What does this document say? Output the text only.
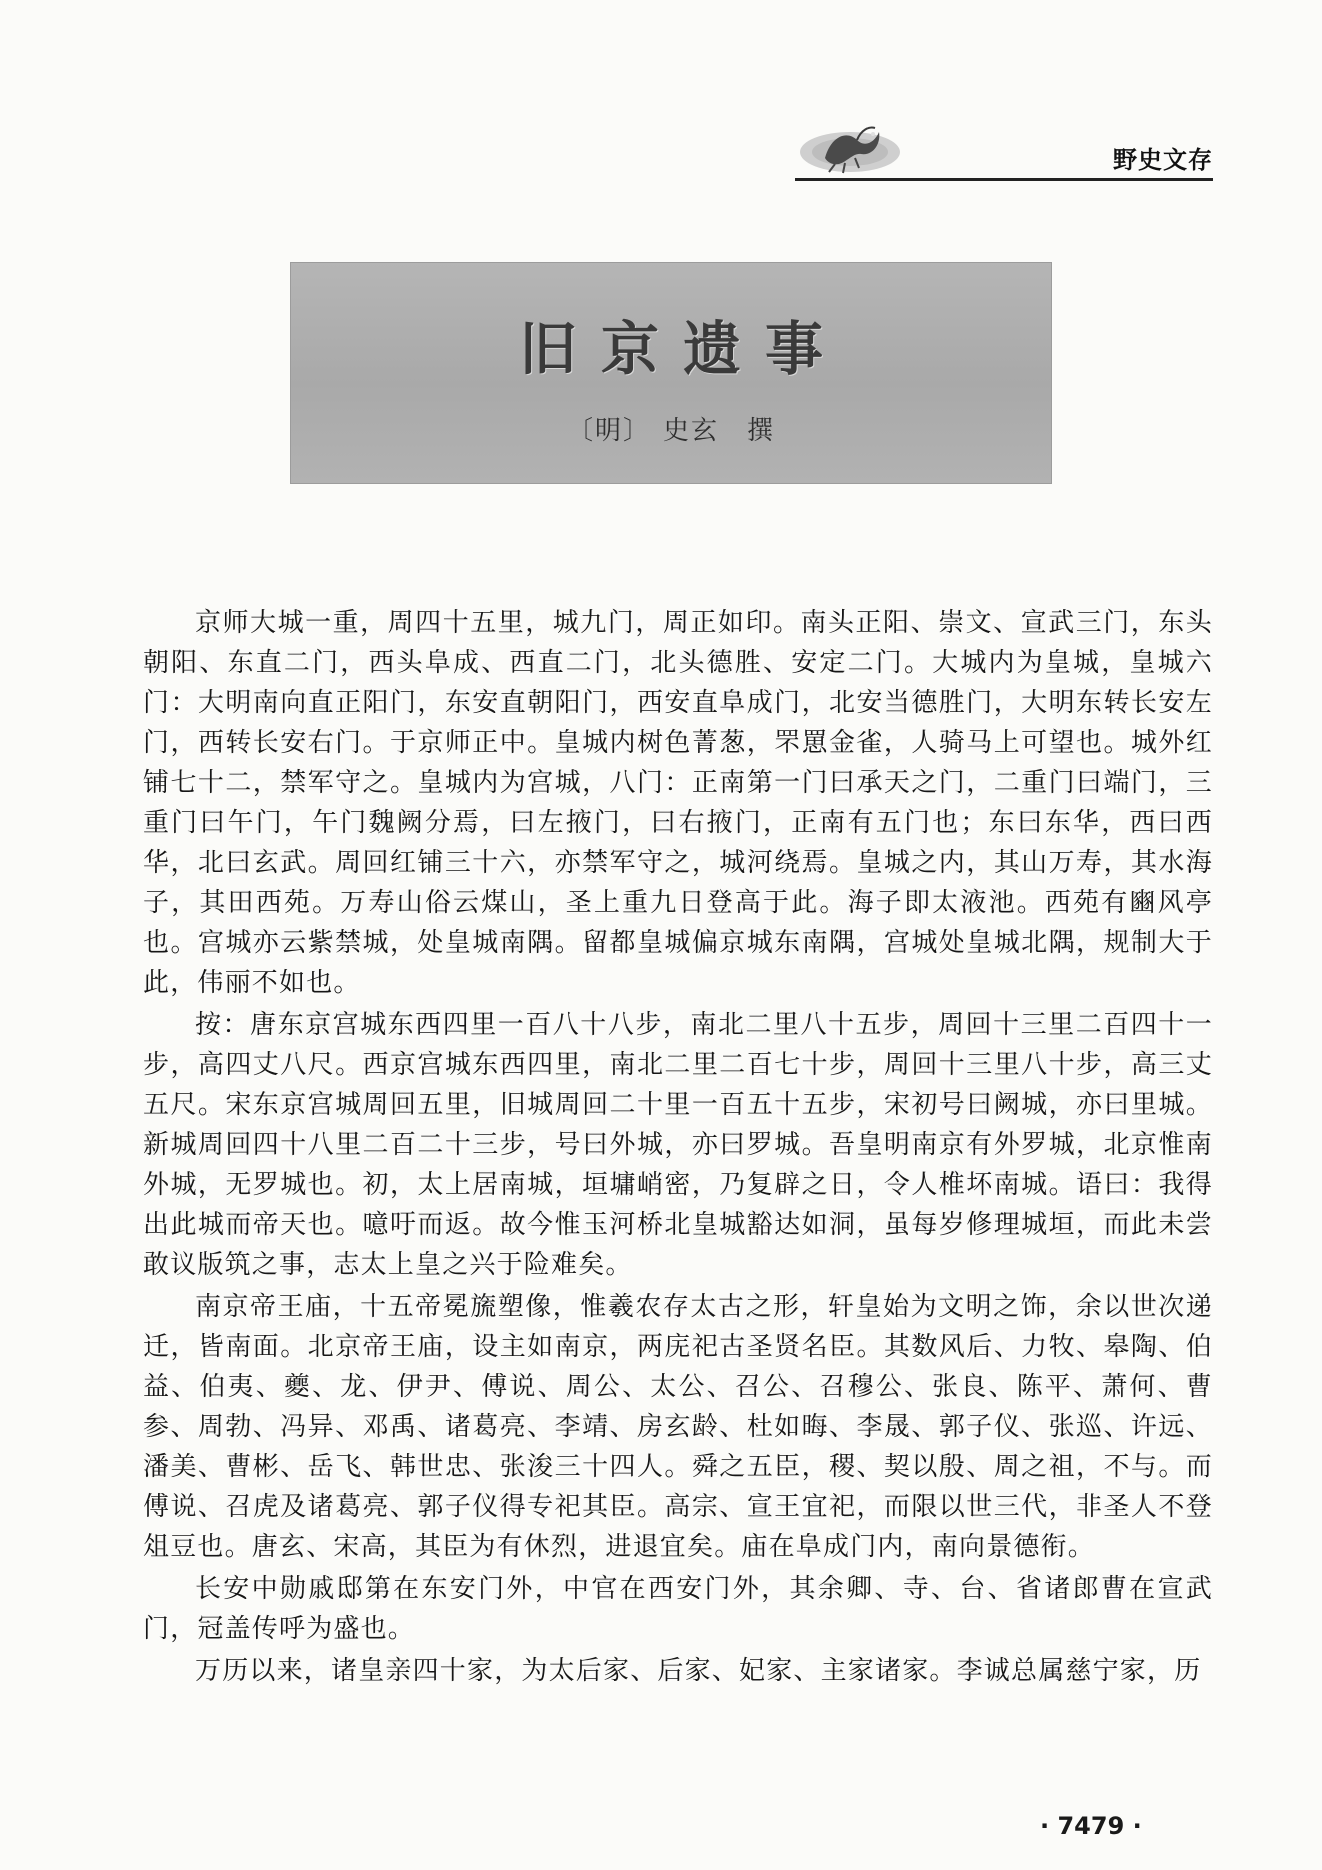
野史文存
旧京遗事
〔明〕 史玄 撰

京师大城一重，周四十五里，城九门，周正如印。南头正阳、崇文、宣武三门，东头朝阳、东直二门，西头阜成、西直二门，北头德胜、安定二门。大城内为皇城，皇城六门：大明南向直正阳门，东安直朝阳门，西安直阜成门，北安当德胜门，大明东转长安左门，西转长安右门。于京师正中。皇城内树色菁葱，罘罳金雀，人骑马上可望也。城外红铺七十二，禁军守之。皇城内为宫城，八门：正南第一门曰承天之门，二重门曰端门，三重门曰午门，午门魏阙分焉，曰左掖门，曰右掖门，正南有五门也；东曰东华，西曰西华，北曰玄武。周回红铺三十六，亦禁军守之，城河绕焉。皇城之内，其山万寿，其水海子，其田西苑。万寿山俗云煤山，圣上重九日登高于此。海子即太液池。西苑有豳风亭也。宫城亦云紫禁城，处皇城南隅。留都皇城偏京城东南隅，宫城处皇城北隅，规制大于此，伟丽不如也。

按：唐东京宫城东西四里一百八十八步，南北二里八十五步，周回十三里二百四十一步，高四丈八尺。西京宫城东西四里，南北二里二百七十步，周回十三里八十步，高三丈五尺。宋东京宫城周回五里，旧城周回二十里一百五十五步，宋初号曰阙城，亦曰里城。新城周回四十八里二百二十三步，号曰外城，亦曰罗城。吾皇明南京有外罗城，北京惟南外城，无罗城也。初，太上居南城，垣墉峭密，乃复辟之日，令人椎坏南城。语曰：我得出此城而帝天也。噫吁而返。故今惟玉河桥北皇城豁达如洞，虽每岁修理城垣，而此未尝敢议版筑之事，志太上皇之兴于险难矣。

南京帝王庙，十五帝冕旒塑像，惟羲农存太古之形，轩皇始为文明之饰，余以世次递迁，皆南面。北京帝王庙，设主如南京，两庑祀古圣贤名臣。其数风后、力牧、皋陶、伯益、伯夷、夔、龙、伊尹、傅说、周公、太公、召公、召穆公、张良、陈平、萧何、曹参、周勃、冯异、邓禹、诸葛亮、李靖、房玄龄、杜如晦、李晟、郭子仪、张巡、许远、潘美、曹彬、岳飞、韩世忠、张浚三十四人。舜之五臣，稷、契以殷、周之祖，不与。而傅说、召虎及诸葛亮、郭子仪得专祀其臣。高宗、宣王宜祀，而限以世三代，非圣人不登俎豆也。唐玄、宋高，其臣为有休烈，进退宜矣。庙在阜成门内，南向景德衔。

长安中勋戚邸第在东安门外，中官在西安门外，其余卿、寺、台、省诸郎曹在宣武门，冠盖传呼为盛也。

万历以来，诸皇亲四十家，为太后家、后家、妃家、主家诸家。李诚总属慈宁家，历

· 7479 ·
